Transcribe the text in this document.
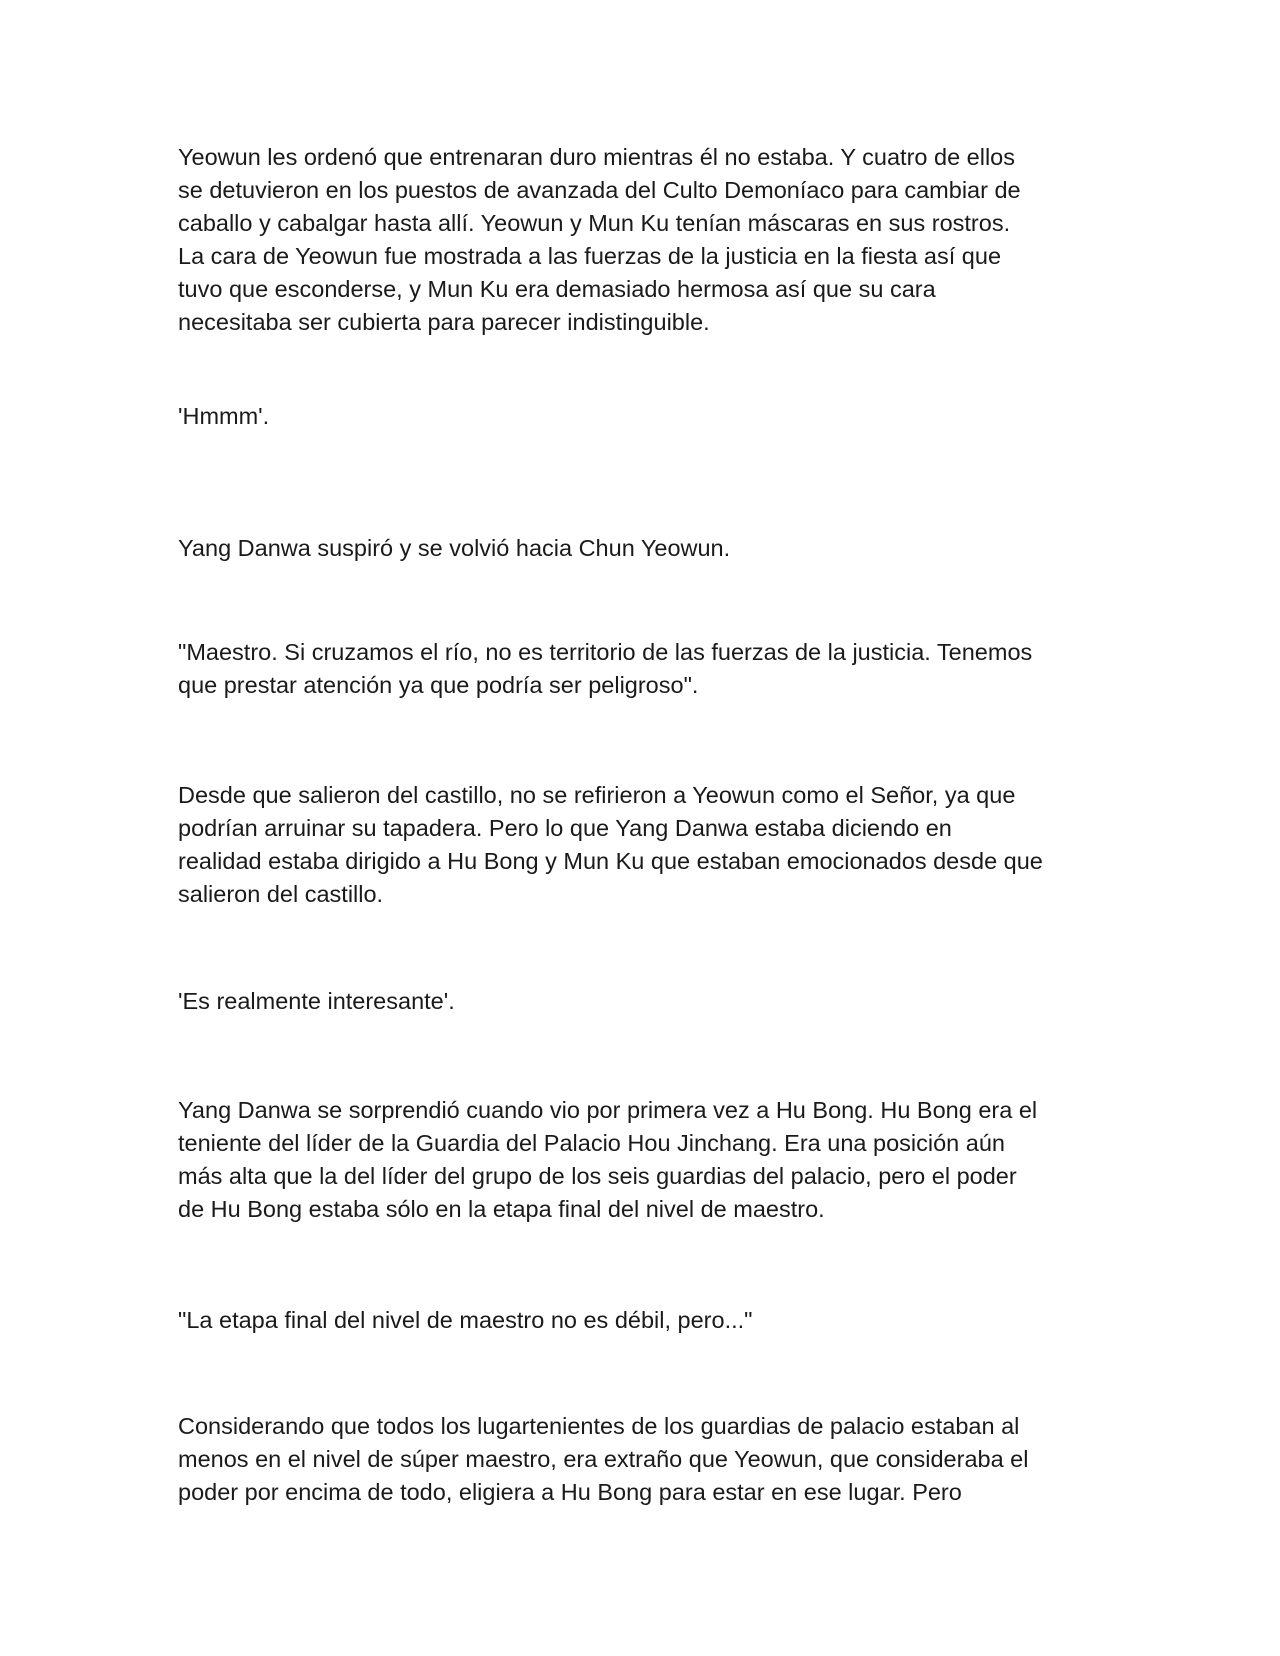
Yeowun les ordenó que entrenaran duro mientras él no estaba. Y cuatro de ellos
se detuvieron en los puestos de avanzada del Culto Demoníaco para cambiar de
caballo y cabalgar hasta allí. Yeowun y Mun Ku tenían máscaras en sus rostros.
La cara de Yeowun fue mostrada a las fuerzas de la justicia en la fiesta así que
tuvo que esconderse, y Mun Ku era demasiado hermosa así que su cara
necesitaba ser cubierta para parecer indistinguible.

'Hmmm'.

Yang Danwa suspiró y se volvió hacia Chun Yeowun.

"Maestro. Si cruzamos el río, no es territorio de las fuerzas de la justicia. Tenemos
que prestar atención ya que podría ser peligroso".

Desde que salieron del castillo, no se refirieron a Yeowun como el Señor, ya que
podrían arruinar su tapadera. Pero lo que Yang Danwa estaba diciendo en
realidad estaba dirigido a Hu Bong y Mun Ku que estaban emocionados desde que
salieron del castillo.

'Es realmente interesante'.

Yang Danwa se sorprendió cuando vio por primera vez a Hu Bong. Hu Bong era el
teniente del líder de la Guardia del Palacio Hou Jinchang. Era una posición aún
más alta que la del líder del grupo de los seis guardias del palacio, pero el poder
de Hu Bong estaba sólo en la etapa final del nivel de maestro.

"La etapa final del nivel de maestro no es débil, pero..."

Considerando que todos los lugartenientes de los guardias de palacio estaban al
menos en el nivel de súper maestro, era extraño que Yeowun, que consideraba el
poder por encima de todo, eligiera a Hu Bong para estar en ese lugar. Pero
